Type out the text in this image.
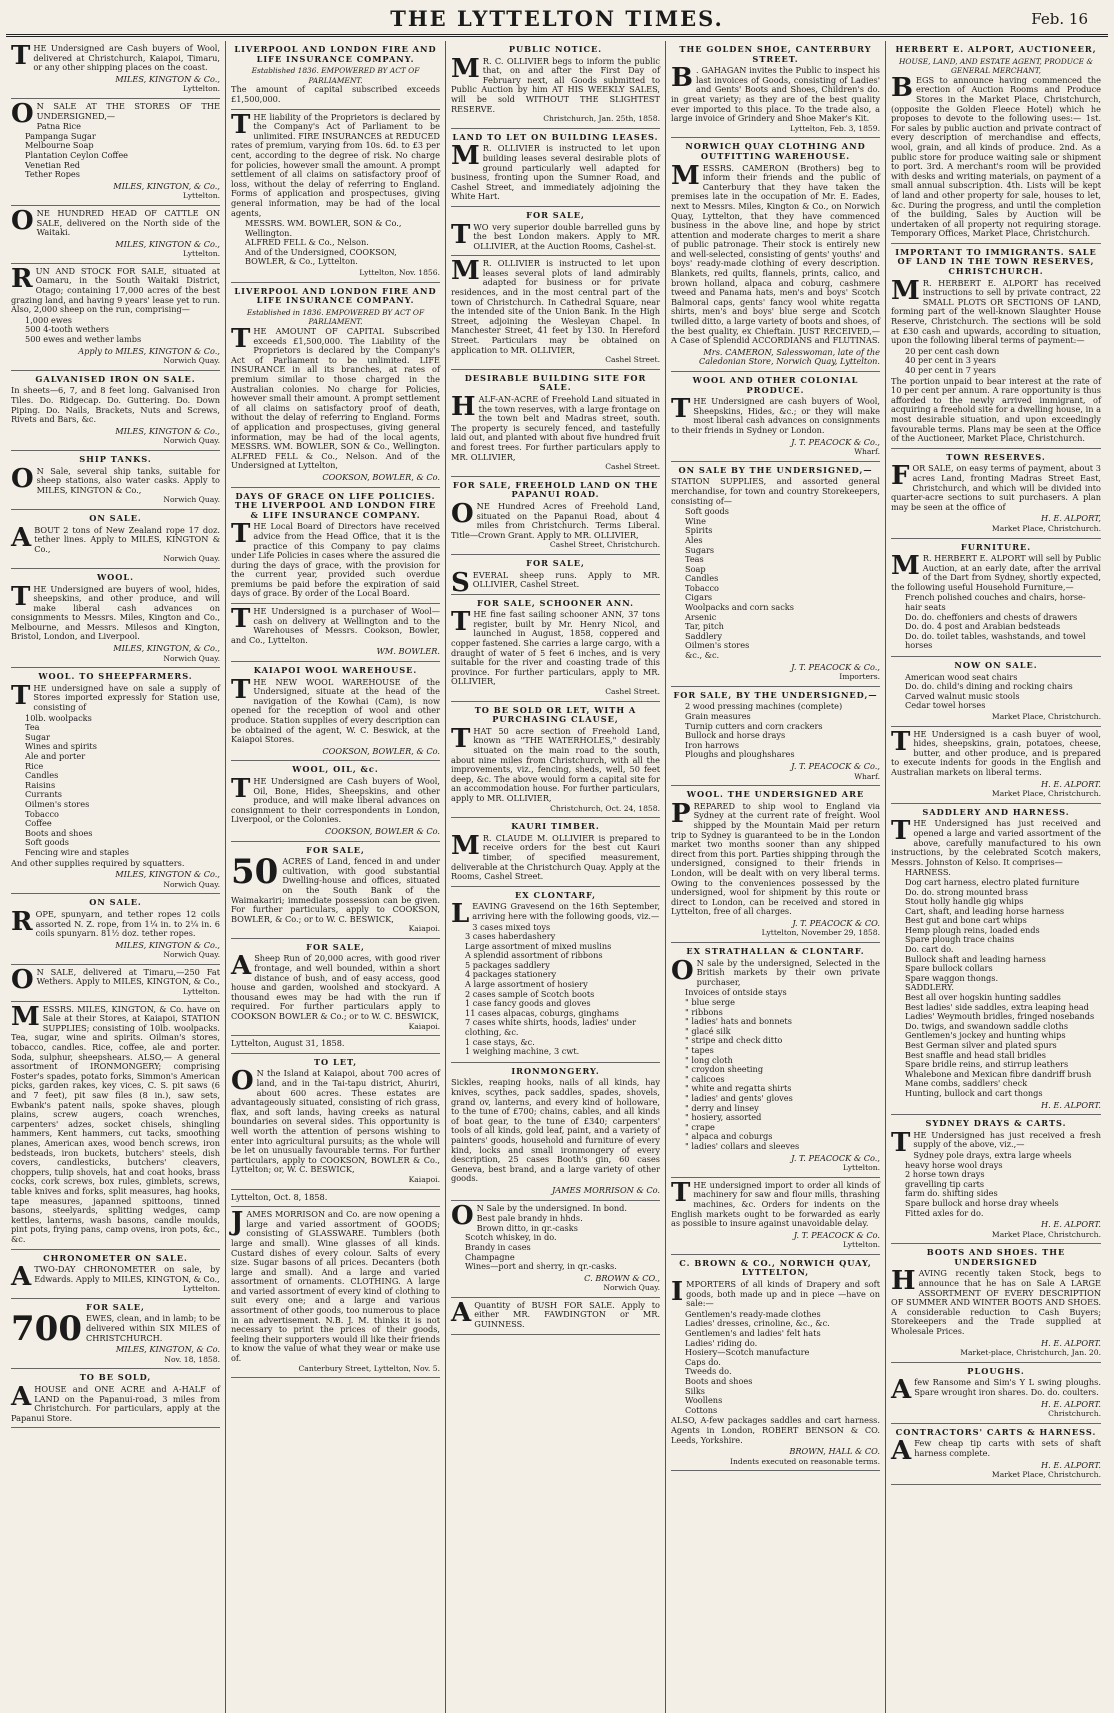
THE LYTTELTON TIMES.	Feb. 16

THE Undersigned are Cash buyers of Wool, delivered at Christchurch, Kaiapoi, Timaru, or any other shipping places on the coast.

MILES, KINGTON & Co.,
Lyttelton.

O N SALE AT THE STORES OF THE UNDERSIGNED,—

Patna Rice
Pampanga Sugar
Melbourne Soap
Plantation Ceylon Coffee
Venetian Red
Tether Ropes
MILES, KINGTON, & Co.,
Lyttelton.

ONE HUNDRED HEAD OF CATTLE ON SALE, delivered on the North side of the Waitaki.

MILES, KINGTON & Co.,
Lyttelton.

RUN AND STOCK FOR SALE, situated at Oamaru, in the South Waitaki District, Otago; containing 17,000 acres of the best grazing land, and having 9 years' lease yet to run. Also, 2,000 sheep on the run, comprising—

1,000 ewes
500 4-tooth wethers
500 ewes and wether lambs
Apply to MILES, KINGTON & Co.,
Norwich Quay.
GALVANISED IRON ON SALE.

In sheets—6, 7, and 8 feet long. Galvanised Iron Tiles. Do. Ridgecap. Do. Guttering. Do. Down Piping. Do. Nails, Brackets, Nuts and Screws, Rivets and Bars, &c.

MILES, KINGTON & Co.,
Norwich Quay.
SHIP TANKS.

O N Sale, several ship tanks, suitable for sheep stations, also water casks. Apply to MILES, KINGTON & Co.,

Norwich Quay.
ON SALE.

ABOUT 2 tons of New Zealand rope 17 doz. tether lines. Apply to MILES, KINGTON & Co.,

Norwich Quay.
WOOL.

THE Undersigned are buyers of wool, hides, sheepskins, and other produce, and will make liberal cash advances on consignments to Messrs. Miles, Kington and Co., Melbourne, and Messrs. Milesos and Kington, Bristol, London, and Liverpool.

MILES, KINGTON, & Co.,
Norwich Quay.
WOOL. TO SHEEPFARMERS.

THE undersigned have on sale a supply of Stores imported expressly for Station use, consisting of

10lb. woolpacks
Tea
Sugar
Wines and spirits
Ale and porter
Rice
Candles
Raisins
Currants
Oilmen's stores
Tobacco
Coffee
Boots and shoes
Soft goods
Fencing wire and staples

And other supplies required by squatters.

MILES, KINGTON & Co.,
Norwich Quay.
ON SALE.

ROPE, spunyarn, and tether ropes 12 coils assorted N. Z. rope, from 1¼ in. to 2¼ in. 6 coils spunyarn. 81½ doz. tether ropes.

MILES, KINGTON & Co.,
Norwich Quay.

O N SALE, delivered at Timaru,—250 Fat Wethers. Apply to MILES, KINGTON, & Co.,

Lyttelton.

MESSRS. MILES, KINGTON, & Co. have on Sale at their Stores, at Kaiapoi, STATION SUPPLIES; consisting of 10lb. woolpacks. Tea, sugar, wine and spirits. Oilman's stores, tobacco, candles. Rice, coffee, ale and porter. Soda, sulphur, sheepshears. ALSO,— A general assortment of IRONMONGERY; comprising Foster's spades, potato forks, Simmon's American picks, garden rakes, key vices, C. S. pit saws (6 and 7 feet), pit saw files (8 in.), saw sets, Ewbank's patent nails, spoke shaves, plough plains, screw augers, coach wrenches, carpenters' adzes, socket chisels, shingling hammers, Kent hammers, cut tacks, smoothing planes, American axes, wood bench screws, iron bedsteads, iron buckets, butchers' steels, dish covers, candlesticks, butchers' cleavers, choppers, tulip shovels, hat and coat hooks, brass cocks, cork screws, box rules, gimblets, screws, table knives and forks, split measures, hag hooks, tape measures, japanned spittoons, tinned basons, steelyards, splitting wedges, camp kettles, lanterns, wash basons, candle moulds, pint pots, frying pans, camp ovens, iron pots, &c., &c.

CHRONOMETER ON SALE.

ATWO-DAY CHRONOMETER on sale, by Edwards. Apply to MILES, KINGTON, & Co.,

Lyttelton.
FOR SALE,

700 EWES, clean, and in lamb; to be delivered within SIX MILES of CHRISTCHURCH.

MILES, KINGTON, & Co.
Nov. 18, 1858.
TO BE SOLD,

AHOUSE and ONE ACRE and A-HALF of LAND on the Papanui-road, 3 miles from Christchurch. For particulars, apply at the Papanui Store.

LIVERPOOL AND LONDON FIRE AND LIFE INSURANCE COMPANY.
Established 1836. EMPOWERED BY ACT OF PARLIAMENT.

The amount of capital subscribed exceeds £1,500,000.

THE liability of the Proprietors is declared by the Company's Act of Parliament to be unlimited. FIRE INSURANCES at REDUCED rates of premium, varying from 10s. 6d. to £3 per cent, according to the degree of risk. No charge for policies, however small the amount. A prompt settlement of all claims on satisfactory proof of loss, without the delay of referring to England. Forms of application and prospectuses, giving general information, may be had of the local agents,

MESSRS. WM. BOWLER, SON & Co., Wellington.
ALFRED FELL & Co., Nelson.
And of the Undersigned, COOKSON, BOWLER, & Co., Lyttelton.
Lyttelton, Nov. 1856.
LIVERPOOL AND LONDON FIRE AND LIFE INSURANCE COMPANY.
Established in 1836. EMPOWERED BY ACT OF PARLIAMENT.

THE AMOUNT OF CAPITAL Subscribed exceeds £1,500,000. The Liability of the Proprietors is declared by the Company's Act of Parliament to be unlimited. LIFE INSURANCE in all its branches, at rates of premium similar to those charged in the Australian colonies. No charge for Policies, however small their amount. A prompt settlement of all claims on satisfactory proof of death, without the delay of referring to England. Forms of application and prospectuses, giving general information, may be had of the local agents, MESSRS. WM. BOWLER, SON & Co., Wellington. ALFRED FELL & Co., Nelson. And of the Undersigned at Lyttelton,

COOKSON, BOWLER, & Co.
DAYS OF GRACE ON LIFE POLICIES. THE LIVERPOOL AND LONDON FIRE & LIFE INSURANCE COMPANY.

THE Local Board of Directors have received advice from the Head Office, that it is the practice of this Company to pay claims under Life Policies in cases where the assured die during the days of grace, with the provision for the current year, provided such overdue premiums be paid before the expiration of said days of grace. By order of the Local Board.

THE Undersigned is a purchaser of Wool—cash on delivery at Wellington and to the Warehouses of Messrs. Cookson, Bowler, and Co., Lyttelton.

WM. BOWLER.
KAIAPOI WOOL WAREHOUSE.

THE NEW WOOL WAREHOUSE of the Undersigned, situate at the head of the navigation of the Kowhai (Cam), is now opened for the reception of wool and other produce. Station supplies of every description can be obtained of the agent, W. C. Beswick, at the Kaiapoi Stores.

COOKSON, BOWLER, & Co.
WOOL, OIL, &c.

THE Undersigned are Cash buyers of Wool, Oil, Bone, Hides, Sheepskins, and other produce, and will make liberal advances on consignment to their correspondents in London, Liverpool, or the Colonies.

COOKSON, BOWLER & Co.
FOR SALE,

50 ACRES of Land, fenced in and under cultivation, with good substantial Dwelling-house and offices, situated on the South Bank of the Waimakariri; immediate possession can be given. For further particulars, apply to COOKSON, BOWLER, & Co.; or to W. C. BESWICK,

Kaiapoi.
FOR SALE,

A Sheep Run of 20,000 acres, with good river frontage, and well bounded, within a short distance of bush, and of easy access, good house and garden, woolshed and stockyard. A thousand ewes may be had with the run if required. For further particulars apply to COOKSON BOWLER & Co.; or to W. C. BESWICK,

Kaiapoi.

Lyttelton, August 31, 1858.

TO LET,

O N the Island at Kaiapoi, about 700 acres of land, and in the Tai-tapu district, Ahuriri, about 600 acres. These estates are advantageously situated, consisting of rich grass, flax, and soft lands, having creeks as natural boundaries on several sides. This opportunity is well worth the attention of persons wishing to enter into agricultural pursuits; as the whole will be let on unusually favourable terms. For further particulars, apply to COOKSON, BOWLER & Co., Lyttelton; or, W. C. BESWICK,

Kaiapoi.

Lyttelton, Oct. 8, 1858.

JAMES MORRISON and Co. are now opening a large and varied assortment of GOODS; consisting of GLASSWARE. Tumblers (both large and small). Wine glasses of all kinds. Custard dishes of every colour. Salts of every size. Sugar basons of all prices. Decanters (both large and small). And a large and varied assortment of ornaments. CLOTHING. A large and varied assortment of every kind of clothing to suit every one; and a large and various assortment of other goods, too numerous to place in an advertisement. N.B. J. M. thinks it is not necessary to print the prices of their goods, feeling their supporters would ill like their friends to know the value of what they wear or make use of.

Canterbury Street, Lyttelton, Nov. 5.
PUBLIC NOTICE.

M R. C. OLLIVIER begs to inform the public that, on and after the First Day of February next, all Goods submitted to Public Auction by him AT HIS WEEKLY SALES, will be sold WITHOUT THE SLIGHTEST RESERVE.

Christchurch, Jan. 25th, 1858.
LAND TO LET ON BUILDING LEASES.

M R. OLLIVIER is instructed to let upon building leases several desirable plots of ground particularly well adapted for business, fronting upon the Sumner Road, and Cashel Street, and immediately adjoining the White Hart.

FOR SALE,

TWO very superior double barrelled guns by the best London makers. Apply to MR. OLLIVIER, at the Auction Rooms, Cashel-st.

M R. OLLIVIER is instructed to let upon leases several plots of land admirably adapted for business or for private residences, and in the most central part of the town of Christchurch. In Cathedral Square, near the intended site of the Union Bank. In the High Street, adjoining the Wesleyan Chapel. In Manchester Street, 41 feet by 130. In Hereford Street. Particulars may be obtained on application to MR. OLLIVIER,

Cashel Street.
DESIRABLE BUILDING SITE FOR SALE.

HALF-AN-ACRE of Freehold Land situated in the town reserves, with a large frontage on the town belt and Madras street, south. The property is securely fenced, and tastefully laid out, and planted with about five hundred fruit and forest trees. For further particulars apply to MR. OLLIVIER,

Cashel Street.
FOR SALE, FREEHOLD LAND ON THE PAPANUI ROAD.

ONE Hundred Acres of Freehold Land, situated on the Papanui Road, about 4 miles from Christchurch. Terms Liberal. Title—Crown Grant. Apply to MR. OLLIVIER,

Cashel Street, Christchurch.
FOR SALE,

SEVERAL sheep runs. Apply to MR. OLLIVIER, Cashel Street.

FOR SALE, SCHOONER ANN.

THE fine fast sailing schooner ANN, 37 tons register, built by Mr. Henry Nicol, and launched in August, 1858, coppered and copper fastened. She carries a large cargo, with a draught of water of 5 feet 6 inches, and is very suitable for the river and coasting trade of this province. For further particulars, apply to MR. OLLIVIER,

Cashel Street.
TO BE SOLD OR LET, WITH A PURCHASING CLAUSE,

THAT 50 acre section of Freehold Land, known as "THE WATERHOLES," desirably situated on the main road to the south, about nine miles from Christchurch, with all the improvements, viz., fencing, sheds, well, 50 feet deep, &c. The above would form a capital site for an accommodation house. For further particulars, apply to MR. OLLIVIER,

Christchurch, Oct. 24, 1858.
KAURI TIMBER.

M R. CLAUDE M. OLLIVIER is prepared to receive orders for the best cut Kauri timber, of specified measurement, deliverable at the Christchurch Quay. Apply at the Rooms, Cashel Street.

EX CLONTARF,

LEAVING Gravesend on the 16th September, arriving here with the following goods, viz.—

3 cases mixed toys
3 cases haberdashery
Large assortment of mixed muslins
A splendid assortment of ribbons
5 packages saddlery
4 packages stationery
A large assortment of hosiery
2 cases sample of Scotch boots
1 case fancy goods and gloves
11 cases alpacas, coburgs, ginghams
7 cases white shirts, hoods, ladies' under clothing, &c.
1 case stays, &c.
1 weighing machine, 3 cwt.
IRONMONGERY.

Sickles, reaping hooks, nails of all kinds, hay knives, scythes, pack saddles, spades, shovels, grand ov, lanterns, and every kind of holloware, to the tune of £700; chains, cables, and all kinds of boat gear, to the tune of £340; carpenters' tools of all kinds, gold leaf, paint, and a variety of painters' goods, household and furniture of every kind, locks and small ironmongery of every description, 25 cases Booth's gin, 60 cases Geneva, best brand, and a large variety of other goods.

JAMES MORRISON & Co.

O N Sale by the undersigned. In bond.

Best pale brandy in hhds.
Brown ditto, in qr.-casks
Scotch whiskey, in do.
Brandy in cases
Champagne
Wines—port and sherry, in qr.-casks.
C. BROWN & CO.,
Norwich Quay.

A Quantity of BUSH FOR SALE. Apply to either MR. FAWDINGTON or MR. GUINNESS.

THE GOLDEN SHOE, CANTERBURY STREET.

B . GAHAGAN invites the Public to inspect his last invoices of Goods, consisting of Ladies' and Gents' Boots and Shoes, Children's do. in great variety; as they are of the best quality ever imported to this place. To the trade also, a large invoice of Grindery and Shoe Maker's Kit.

Lyttelton, Feb. 3, 1859.
NORWICH QUAY CLOTHING AND OUTFITTING WAREHOUSE.

MESSRS. CAMERON (Brothers) beg to inform their friends and the public of Canterbury that they have taken the premises late in the occupation of Mr. E. Eades, next to Messrs. Miles, Kington & Co., on Norwich Quay, Lyttelton, that they have commenced business in the above line, and hope by strict attention and moderate charges to merit a share of public patronage. Their stock is entirely new and well-selected, consisting of gents' youths' and boys' ready-made clothing of every description. Blankets, red quilts, flannels, prints, calico, and brown holland, alpaca and coburg, cashmere tweed and Panama hats, men's and boys' Scotch Balmoral caps, gents' fancy wool white regatta shirts, men's and boys' blue serge and Scotch twilled ditto, a large variety of boots and shoes, of the best quality, ex Chieftain. JUST RECEIVED,— A Case of Splendid ACCORDIANS and FLUTINAS.

Mrs. CAMERON, Salesswoman, late of the Caledonian Store, Norwich Quay, Lyttelton.
WOOL AND OTHER COLONIAL PRODUCE.

THE Undersigned are cash buyers of Wool, Sheepskins, Hides, &c.; or they will make most liberal cash advances on consignments to their friends in Sydney or London.

J. T. PEACOCK & Co.,
Wharf.
ON SALE BY THE UNDERSIGNED,—

STATION SUPPLIES, and assorted general merchandise, for town and country Storekeepers, consisting of—

Soft goods
Wine
Spirits
Ales
Sugars
Teas
Soap
Candles
Tobacco
Cigars
Woolpacks and corn sacks
Arsenic
Tar, pitch
Saddlery
Oilmen's stores
&c., &c.
J. T. PEACOCK & Co.,
Importers.
FOR SALE, BY THE UNDERSIGNED,—
2 wood pressing machines (complete)
Grain measures
Turnip cutters and corn crackers
Bullock and horse drays
Iron harrows
Ploughs and ploughshares
J. T. PEACOCK & Co.,
Wharf.
WOOL. THE UNDERSIGNED ARE

PREPARED to ship wool to England via Sydney at the current rate of freight. Wool shipped by the Mountain Maid per return trip to Sydney is guaranteed to be in the London market two months sooner than any shipped direct from this port. Parties shipping through the undersigned, consigned to their friends in London, will be dealt with on very liberal terms. Owing to the conveniences possessed by the undersigned, wool for shipment by this route or direct to London, can be received and stored in Lyttelton, free of all charges.

J. T. PEACOCK & CO.
Lyttelton, November 29, 1858.
EX STRATHALLAN & CLONTARF.

O N sale by the undersigned, Selected in the British markets by their own private purchaser,

Invoices of ontside stays
" blue serge
" ribbons
" ladies' hats and bonnets
" glacé silk
" stripe and check ditto
" tapes
" long cloth
" croydon sheeting
" calicoes
" white and regatta shirts
" ladies' and gents' gloves
" derry and linsey
" hosiery, assorted
" crape
" alpaca and coburgs
" ladies' collars and sleeves
J. T. PEACOCK & Co.,
Lyttelton.

THE undersigned import to order all kinds of machinery for saw and flour mills, thrashing machines, &c. Orders for indents on the English markets ought to be forwarded as early as possible to insure against unavoidable delay.

J. T. PEACOCK & Co.
Lyttelton.
C. BROWN & CO., NORWICH QUAY, LYTTELTON,

IMPORTERS of all kinds of Drapery and soft goods, both made up and in piece —have on sale:—

Gentlemen's ready-made clothes
Ladies' dresses, crinoline, &c., &c.
Gentlemen's and ladies' felt hats
Ladies' riding do.
Hosiery—Scotch manufacture
Caps do.
Tweeds do.
Boots and shoes
Silks
Woollens
Cottons

ALSO, A-few packages saddles and cart harness. Agents in London, ROBERT BENSON & CO. Leeds, Yorkshire.

BROWN, HALL & CO.
Indents executed on reasonable terms.
HERBERT E. ALPORT, AUCTIONEER,
HOUSE, LAND, AND ESTATE AGENT, PRODUCE & GENERAL MERCHANT,

BEGS to announce having commenced the erection of Auction Rooms and Produce Stores in the Market Place, Christchurch, (opposite the Golden Fleece Hotel) which he proposes to devote to the following uses:— 1st. For sales by public auction and private contract of every description of merchandise and effects, wool, grain, and all kinds of produce. 2nd. As a public store for produce waiting sale or shipment to port. 3rd. A merchant's room will be provided with desks and writing materials, on payment of a small annual subscription. 4th. Lists will be kept of land and other property for sale, houses to let, &c. During the progress, and until the completion of the building, Sales by Auction will be undertaken of all property not requiring storage. Temporary Offices, Market Place, Christchurch.

IMPORTANT TO IMMIGRANTS. SALE OF LAND IN THE TOWN RESERVES, CHRISTCHURCH.

M R. HERBERT E. ALPORT has received instructions to sell by private contract, 22 SMALL PLOTS OR SECTIONS OF LAND, forming part of the well-known Slaughter House Reserve, Christchurch. The sections will be sold at £30 cash and upwards, according to situation, upon the following liberal terms of payment:—

20 per cent cash down
40 per cent in 3 years
40 per cent in 7 years

The portion unpaid to bear interest at the rate of 10 per cent per annum. A rare opportunity is thus afforded to the newly arrived immigrant, of acquiring a freehold site for a dwelling house, in a most desirable situation, and upon exceedingly favourable terms. Plans may be seen at the Office of the Auctioneer, Market Place, Christchurch.

TOWN RESERVES.

FOR SALE, on easy terms of payment, about 3 acres Land, fronting Madras Street East, Christchurch, and which will be divided into quarter-acre sections to suit purchasers. A plan may be seen at the office of

H. E. ALPORT,
Market Place, Christchurch.
FURNITURE.

M R. HERBERT E. ALPORT will sell by Public Auction, at an early date, after the arrival of the Dart from Sydney, shortly expected, the following useful Household Furniture,—

French polished couches and chairs, horse-hair seats
Do. do. cheffoniers and chests of drawers
Do. do. 4 post and Arabian bedsteads
Do. do. toilet tables, washstands, and towel horses
NOW ON SALE.
American wood seat chairs
Do. do. child's dining and rocking chairs
Carved walnut music stools
Cedar towel horses
Market Place, Christchurch.

THE Undersigned is a cash buyer of wool, hides, sheepskins, grain, potatoes, cheese, butter, and other produce, and is prepared to execute indents for goods in the English and Australian markets on liberal terms.

H. E. ALPORT.
Market Place, Christchurch.
SADDLERY AND HARNESS.

THE Undersigned has just received and opened a large and varied assortment of the above, carefully manufactured to his own instructions, by the celebrated Scotch makers, Messrs. Johnston of Kelso. It comprises—

HARNESS.
Dog cart harness, electro plated furniture
Do. do. strong mounted brass
Stout holly handle gig whips
Cart, shaft, and leading horse harness
Best gut and bone cart whips
Hemp plough reins, loaded ends
Spare plough trace chains
Do. cart do.
Bullock shaft and leading harness
Spare bullock collars
Spare waggon thongs.
SADDLERY.
Best all over hogskin hunting saddles
Best ladies' side saddles, extra leaping head
Ladies' Weymouth bridles, fringed nosebands
Do. twigs, and swandown saddle cloths
Gentlemen's jockey and hunting whips
Best German silver and plated spurs
Best snaffle and head stall bridles
Spare bridle reins, and stirrup leathers
Whalebone and Mexican fibre dandriff brush
Mane combs, saddlers' check
Hunting, bullock and cart thongs
H. E. ALPORT.
SYDNEY DRAYS & CARTS.

THE Undersigned has just received a fresh supply of the above, viz.,—

Sydney pole drays, extra large wheels
heavy horse wool drays
2 horse town drays
gravelling tip carts
farm do. shifting sides
Spare bullock and horse dray wheels
Fitted axles for do.
H. E. ALPORT.
Market Place, Christchurch.
BOOTS AND SHOES. THE UNDERSIGNED

HAVING recently taken Stock, begs to announce that he has on Sale A LARGE ASSORTMENT OF EVERY DESCRIPTION OF SUMMER AND WINTER BOOTS AND SHOES. A considerable reduction to Cash Buyers; Storekeepers and the Trade supplied at Wholesale Prices.

H. E. ALPORT.
Market-place, Christchurch, Jan. 20.
PLOUGHS.

Afew Ransome and Sim's Y L swing ploughs. Spare wrought iron shares. Do. do. coulters.

H. E. ALPORT.
Christchurch.
CONTRACTORS' CARTS & HARNESS.

A Few cheap tip carts with sets of shaft harness complete.

H. E. ALPORT.
Market Place, Christchurch.
